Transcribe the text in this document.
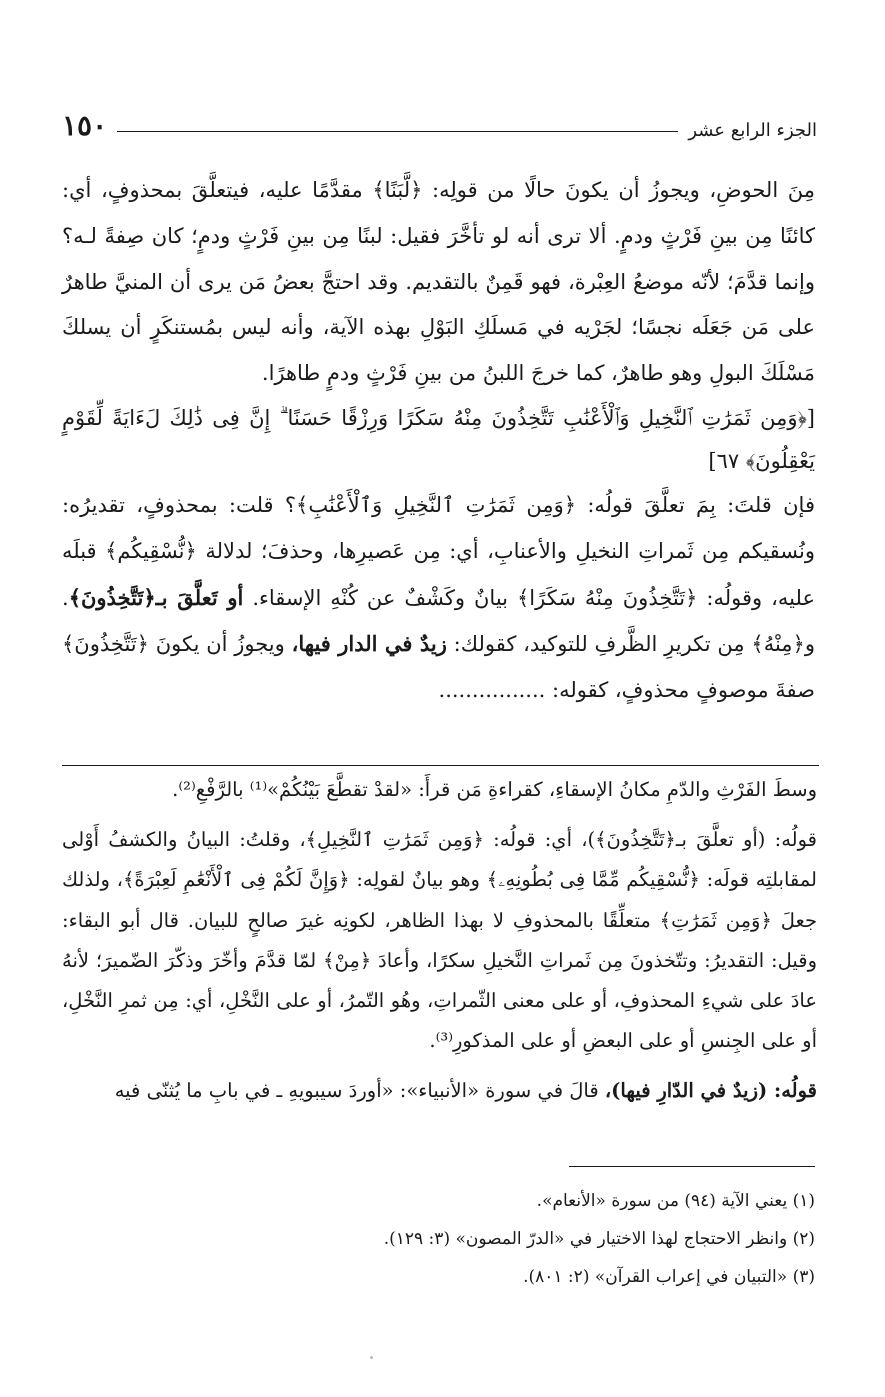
الجزء الرابع عشر
١٥٠

مِنَ الحوضِ، ويجوزُ أن يكونَ حالًا من قولِه: ﴿لَّبَنًا﴾ مقدَّمًا عليه، فيتعلَّقَ بمحذوفٍ، أي: كائنًا مِن بينِ فَرْثٍ ودمٍ. ألا ترى أنه لو تأخَّرَ فقيل: لبنًا مِن بينِ فَرْثٍ ودمٍ؛ كان صِفةً لـه؟ وإنما قدَّمَ؛ لأنّه موضعُ العِبْرة، فهو قَمِنٌ بالتقديم. وقد احتجَّ بعضُ مَن يرى أن المنيَّ طاهرٌ على مَن جَعَلَه نجسًا؛ لجَرْيه في مَسلَكِ البَوْلِ بهذه الآية، وأنه ليس بمُستنكَرٍ أن يسلكَ مَسْلَكَ البولِ وهو طاهرٌ، كما خرجَ اللبنُ من بينِ فَرْثٍ ودمٍ طاهرًا.

[﴿وَمِن ثَمَرَٰتِ ٱلنَّخِيلِ وَٱلْأَعْنَٰبِ تَتَّخِذُونَ مِنْهُ سَكَرًا وَرِزْقًا حَسَنًا ۗ إِنَّ فِى ذَٰلِكَ لَءَايَةً لِّقَوْمٍ يَعْقِلُونَ﴾ ٦٧]

فإن قلتَ: بِمَ تعلَّقَ قولُه: ﴿وَمِن ثَمَرَٰتِ ٱلنَّخِيلِ وَٱلْأَعْنَٰبِ﴾؟ قلت: بمحذوفٍ، تقديرُه: ونُسقيكم مِن ثَمراتِ النخيلِ والأعنابِ، أي: مِن عَصيرِها، وحذفَ؛ لدلالة ﴿نُّسْقِيكُم﴾ قبلَه عليه، وقولُه: ﴿تَتَّخِذُونَ مِنْهُ سَكَرًا﴾ بيانٌ وكَشْفٌ عن كُنْهِ الإسقاء. أو تَعلَّقَ بـ﴿تَتَّخِذُونَ﴾. و﴿مِنْهُ﴾ مِن تكريرِ الظَّرفِ للتوكيد، كقولك: زيدٌ في الدار فيها، ويجوزُ أن يكونَ ﴿تَتَّخِذُونَ﴾ صفةَ موصوفٍ محذوفٍ، كقوله: ................

وسطَ الفَرْثِ والدّمِ مكانُ الإسقاءِ، كقراءةِ مَن قرأَ: «لقدْ تقطَّعَ بَيْنُكُمْ»⁽¹⁾ بالرَّفْعِ⁽²⁾.

قولُه: (أو تعلَّقَ بـ﴿تَتَّخِذُونَ﴾)، أي: قولُه: ﴿وَمِن ثَمَرَٰتِ ٱلنَّخِيلِ﴾، وقلتُ: البيانُ والكشفُ أَوْلى لمقابلتِه قولَه: ﴿نُّسْقِيكُم مِّمَّا فِى بُطُونِهِۦ﴾ وهو بيانٌ لقولِه: ﴿وَإِنَّ لَكُمْ فِى ٱلْأَنْعَٰمِ لَعِبْرَةً﴾، ولذلك جعلَ ﴿وَمِن ثَمَرَٰتِ﴾ متعلِّقًا بالمحذوفِ لا بهذا الظاهر، لكونِه غيرَ صالحٍ للبيان. قال أبو البقاء: وقيل: التقديرُ: وتتّخذونَ مِن ثَمراتِ النَّخيلِ سكرًا، وأعادَ ﴿مِنْ﴾ لمّا قدَّمَ وأخّرَ وذكّرَ الضّميرَ؛ لأنهُ عادَ على شيءِ المحذوفِ، أو على معنى الثّمراتِ، وهُو التّمرُ، أو على النَّخْلِ، أي: مِن ثمرِ النَّخْلِ، أو على الجِنسِ أو على البعضِ أو على المذكورِ⁽³⁾.

قولُه: (زيدٌ في الدّارِ فيها)، قالَ في سورة «الأنبياء»: «أوردَ سيبويهِ ـ في بابِ ما يُثنّى فيه

(١) يعني الآية (٩٤) من سورة «الأنعام».
(٢) وانظر الاحتجاج لهذا الاختيار في «الدرّ المصون» (٣: ١٢٩).
(٣) «التبيان في إعراب القرآن» (٢: ٨٠١).
